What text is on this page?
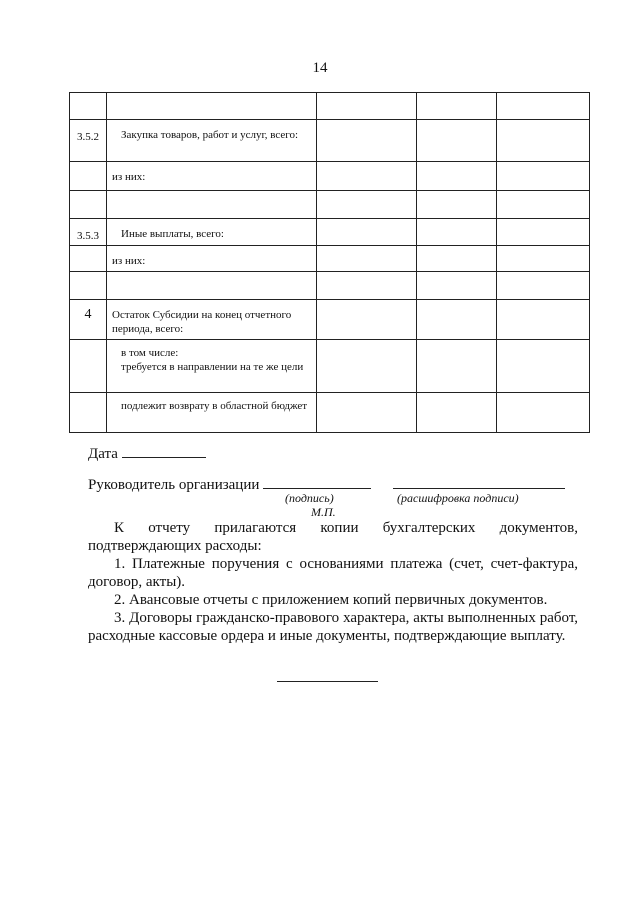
14

3.5.2	Закупка товаров, работ и услуг, всего:			
	из них:			

3.5.3	Иные выплаты, всего:			
	из них:			

4	Остаток Субсидии на конец отчетного периода, всего:			
	в том числе:
требуется в направлении на те же цели			
	подлежит возврату в областной бюджет			
Дата
Руководитель организации
(подпись)	(расшифровка подписи)
М.П.

К отчету прилагаются копии бухгалтерских документов, подтверждающих расходы:

1. Платежные поручения с основаниями платежа (счет, счет-фактура, договор, акты).

2. Авансовые отчеты с приложением копий первичных документов.

3. Договоры гражданско-правового характера, акты выполненных работ, расходные кассовые ордера и иные документы, подтверждающие выплату.
